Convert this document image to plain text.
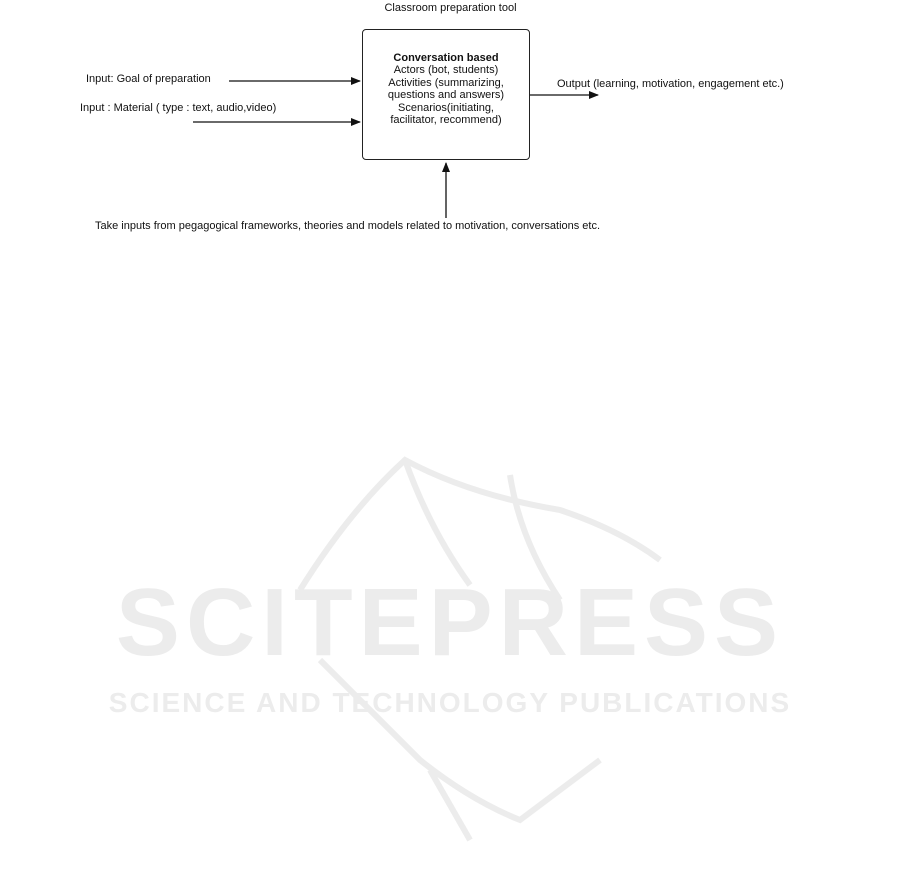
SCITEPRESS
SCIENCE AND TECHNOLOGY PUBLICATIONS
Classroom preparation tool
Conversation based
Actors (bot, students)
Activities (summarizing,
questions and answers)
Scenarios(initiating,
facilitator, recommend)
Input: Goal of preparation
Input : Material ( type : text, audio,video)
Output (learning, motivation, engagement etc.)
Take inputs from pegagogical frameworks, theories and models related to motivation, conversations etc.
